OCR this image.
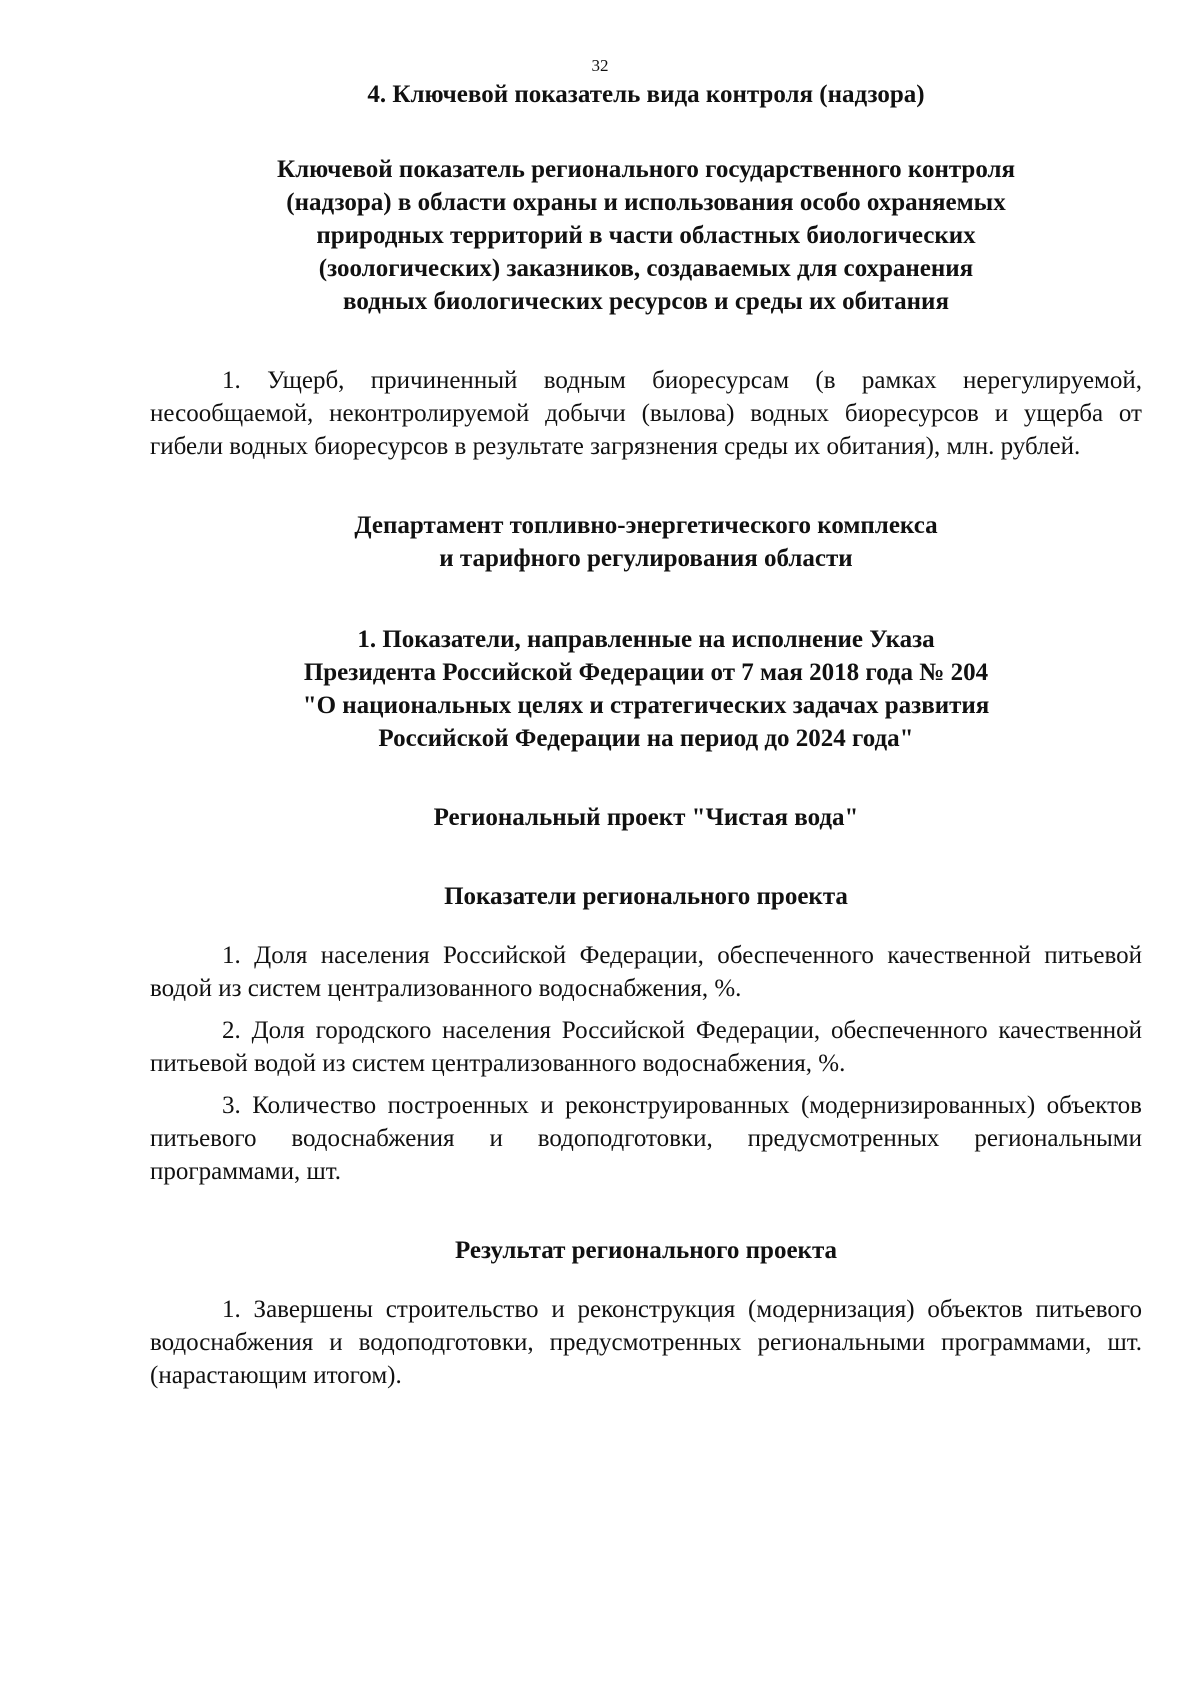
32

4. Ключевой показатель вида контроля (надзора)

Ключевой показатель регионального государственного контроля

(надзора) в области охраны и использования особо охраняемых

природных территорий в части областных биологических

(зоологических) заказников, создаваемых для сохранения

водных биологических ресурсов и среды их обитания

1. Ущерб, причиненный водным биоресурсам (в рамках нерегулируемой, несообщаемой, неконтролируемой добычи (вылова) водных биоресурсов и ущерба от гибели водных биоресурсов в результате загрязнения среды их обитания), млн. рублей.

Департамент топливно-энергетического комплекса

и тарифного регулирования области

1. Показатели, направленные на исполнение Указа

Президента Российской Федерации от 7 мая 2018 года № 204

"О национальных целях и стратегических задачах развития

Российской Федерации на период до 2024 года"

Региональный проект "Чистая вода"

Показатели регионального проекта

1. Доля населения Российской Федерации, обеспеченного качественной питьевой водой из систем централизованного водоснабжения, %.

2. Доля городского населения Российской Федерации, обеспеченного качественной питьевой водой из систем централизованного водоснабжения, %.

3. Количество построенных и реконструированных (модернизированных) объектов питьевого водоснабжения и водоподготовки, предусмотренных региональными программами, шт.

Результат регионального проекта

1. Завершены строительство и реконструкция (модернизация) объектов питьевого водоснабжения и водоподготовки, предусмотренных региональными программами, шт. (нарастающим итогом).
